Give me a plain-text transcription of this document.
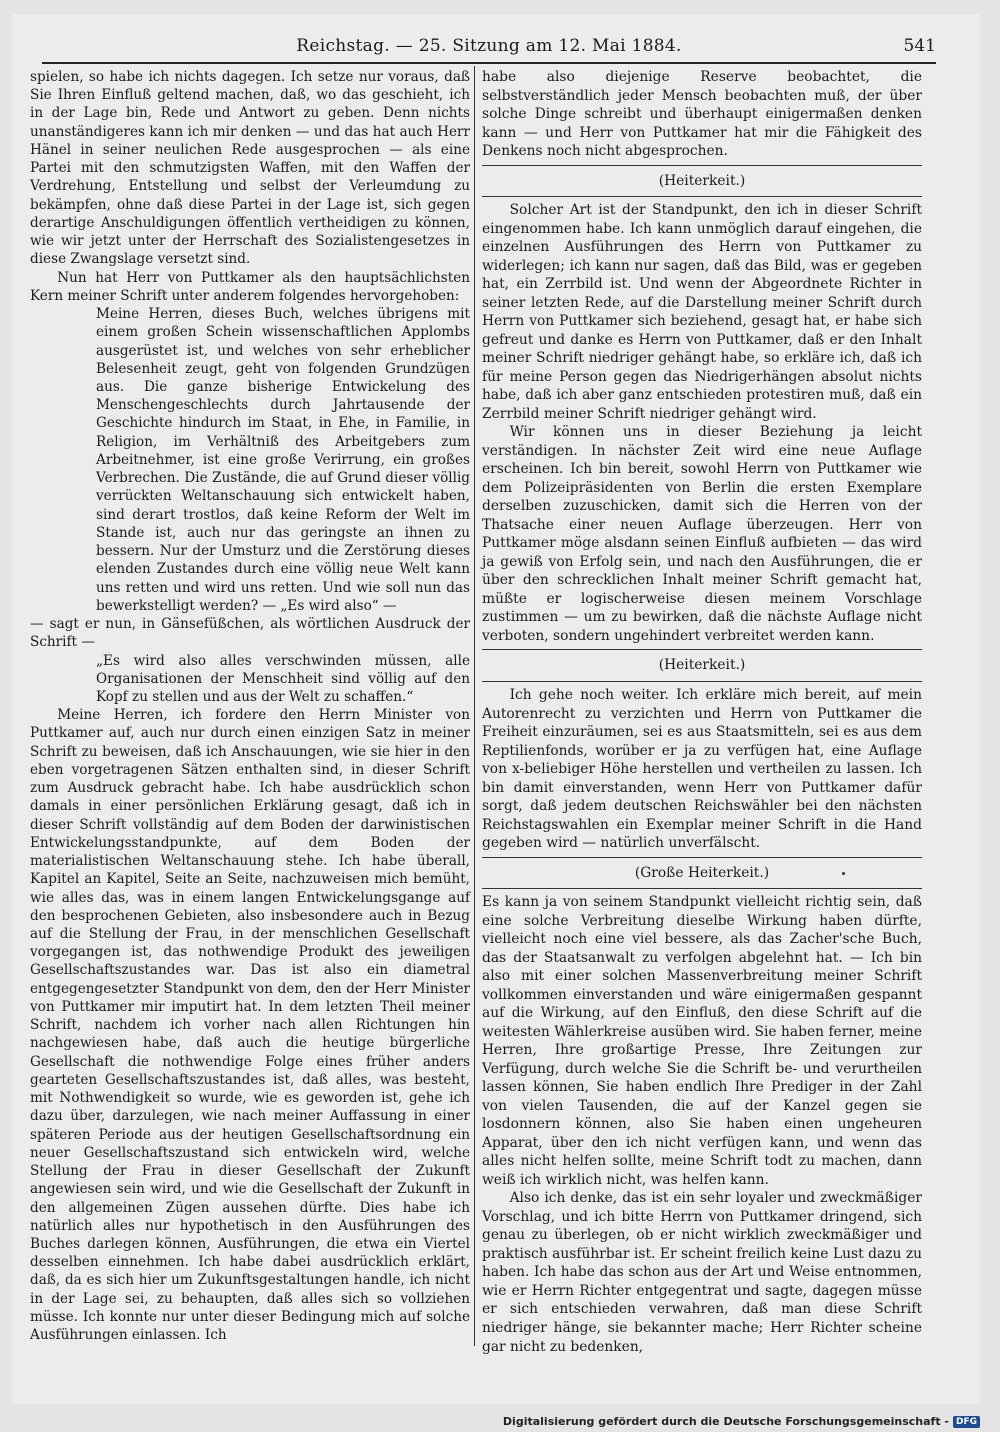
Reichstag. — 25. Sitzung am 12. Mai 1884.	541

spielen, so habe ich nichts dagegen. Ich setze nur voraus, daß Sie Ihren Einfluß geltend machen, daß, wo das geschieht, ich in der Lage bin, Rede und Antwort zu geben. Denn nichts unanständigeres kann ich mir denken — und das hat auch Herr Hänel in seiner neulichen Rede ausgesprochen — als eine Partei mit den schmutzigsten Waffen, mit den Waffen der Verdrehung, Entstellung und selbst der Verleumdung zu bekämpfen, ohne daß diese Partei in der Lage ist, sich gegen derartige Anschuldigungen öffentlich vertheidigen zu können, wie wir jetzt unter der Herrschaft des Sozialistengesetzes in diese Zwangslage versetzt sind.

Nun hat Herr von Puttkamer als den hauptsächlichsten Kern meiner Schrift unter anderem folgendes hervorgehoben:

Meine Herren, dieses Buch, welches übrigens mit einem großen Schein wissenschaftlichen Applombs ausgerüstet ist, und welches von sehr erheblicher Belesenheit zeugt, geht von folgenden Grundzügen aus. Die ganze bisherige Entwickelung des Menschengeschlechts durch Jahrtausende der Geschichte hindurch im Staat, in Ehe, in Familie, in Religion, im Verhältniß des Arbeitgebers zum Arbeitnehmer, ist eine große Verirrung, ein großes Verbrechen. Die Zustände, die auf Grund dieser völlig verrückten Weltanschauung sich entwickelt haben, sind derart trostlos, daß keine Reform der Welt im Stande ist, auch nur das geringste an ihnen zu bessern. Nur der Umsturz und die Zerstörung dieses elenden Zustandes durch eine völlig neue Welt kann uns retten und wird uns retten. Und wie soll nun das bewerkstelligt werden? — „Es wird also“ —

— sagt er nun, in Gänsefüßchen, als wörtlichen Ausdruck der Schrift —

„Es wird also alles verschwinden müssen, alle Organisationen der Menschheit sind völlig auf den Kopf zu stellen und aus der Welt zu schaffen.“

Meine Herren, ich fordere den Herrn Minister von Puttkamer auf, auch nur durch einen einzigen Satz in meiner Schrift zu beweisen, daß ich Anschauungen, wie sie hier in den eben vorgetragenen Sätzen enthalten sind, in dieser Schrift zum Ausdruck gebracht habe. Ich habe ausdrücklich schon damals in einer persönlichen Erklärung gesagt, daß ich in dieser Schrift vollständig auf dem Boden der darwinistischen Entwickelungsstandpunkte, auf dem Boden der materialistischen Weltanschauung stehe. Ich habe überall, Kapitel an Kapitel, Seite an Seite, nachzuweisen mich bemüht, wie alles das, was in einem langen Entwickelungsgange auf den besprochenen Gebieten, also insbesondere auch in Bezug auf die Stellung der Frau, in der menschlichen Gesellschaft vorgegangen ist, das nothwendige Produkt des jeweiligen Gesellschaftszustandes war. Das ist also ein diametral entgegengesetzter Standpunkt von dem, den der Herr Minister von Puttkamer mir imputirt hat. In dem letzten Theil meiner Schrift, nachdem ich vorher nach allen Richtungen hin nachgewiesen habe, daß auch die heutige bürgerliche Gesellschaft die nothwendige Folge eines früher anders gearteten Gesellschaftszustandes ist, daß alles, was besteht, mit Nothwendigkeit so wurde, wie es geworden ist, gehe ich dazu über, darzulegen, wie nach meiner Auffassung in einer späteren Periode aus der heutigen Gesellschaftsordnung ein neuer Gesellschaftszustand sich entwickeln wird, welche Stellung der Frau in dieser Gesellschaft der Zukunft angewiesen sein wird, und wie die Gesellschaft der Zukunft in den allgemeinen Zügen aussehen dürfte. Dies habe ich natürlich alles nur hypothetisch in den Ausführungen des Buches darlegen können, Ausführungen, die etwa ein Viertel desselben einnehmen. Ich habe dabei ausdrücklich erklärt, daß, da es sich hier um Zukunftsgestaltungen handle, ich nicht in der Lage sei, zu behaupten, daß alles sich so vollziehen müsse. Ich konnte nur unter dieser Bedingung mich auf solche Ausführungen einlassen. Ich

habe also diejenige Reserve beobachtet, die selbstverständlich jeder Mensch beobachten muß, der über solche Dinge schreibt und überhaupt einigermaßen denken kann — und Herr von Puttkamer hat mir die Fähigkeit des Denkens noch nicht abgesprochen.

(Heiterkeit.)

Solcher Art ist der Standpunkt, den ich in dieser Schrift eingenommen habe. Ich kann unmöglich darauf eingehen, die einzelnen Ausführungen des Herrn von Puttkamer zu widerlegen; ich kann nur sagen, daß das Bild, was er gegeben hat, ein Zerrbild ist. Und wenn der Abgeordnete Richter in seiner letzten Rede, auf die Darstellung meiner Schrift durch Herrn von Puttkamer sich beziehend, gesagt hat, er habe sich gefreut und danke es Herrn von Puttkamer, daß er den Inhalt meiner Schrift niedriger gehängt habe, so erkläre ich, daß ich für meine Person gegen das Niedrigerhängen absolut nichts habe, daß ich aber ganz entschieden protestiren muß, daß ein Zerrbild meiner Schrift niedriger gehängt wird.

Wir können uns in dieser Beziehung ja leicht verständigen. In nächster Zeit wird eine neue Auflage erscheinen. Ich bin bereit, sowohl Herrn von Puttkamer wie dem Polizeipräsidenten von Berlin die ersten Exemplare derselben zuzuschicken, damit sich die Herren von der Thatsache einer neuen Auflage überzeugen. Herr von Puttkamer möge alsdann seinen Einfluß aufbieten — das wird ja gewiß von Erfolg sein, und nach den Ausführungen, die er über den schrecklichen Inhalt meiner Schrift gemacht hat, müßte er logischerweise diesen meinem Vorschlage zustimmen — um zu bewirken, daß die nächste Auflage nicht verboten, sondern ungehindert verbreitet werden kann.

(Heiterkeit.)

Ich gehe noch weiter. Ich erkläre mich bereit, auf mein Autorenrecht zu verzichten und Herrn von Puttkamer die Freiheit einzuräumen, sei es aus Staatsmitteln, sei es aus dem Reptilienfonds, worüber er ja zu verfügen hat, eine Auflage von x-beliebiger Höhe herstellen und vertheilen zu lassen. Ich bin damit einverstanden, wenn Herr von Puttkamer dafür sorgt, daß jedem deutschen Reichswähler bei den nächsten Reichstagswahlen ein Exemplar meiner Schrift in die Hand gegeben wird — natürlich unverfälscht.

(Große Heiterkeit.)

Es kann ja von seinem Standpunkt vielleicht richtig sein, daß eine solche Verbreitung dieselbe Wirkung haben dürfte, vielleicht noch eine viel bessere, als das Zacher'sche Buch, das der Staatsanwalt zu verfolgen abgelehnt hat. — Ich bin also mit einer solchen Massenverbreitung meiner Schrift vollkommen einverstanden und wäre einigermaßen gespannt auf die Wirkung, auf den Einfluß, den diese Schrift auf die weitesten Wählerkreise ausüben wird. Sie haben ferner, meine Herren, Ihre großartige Presse, Ihre Zeitungen zur Verfügung, durch welche Sie die Schrift be- und verurtheilen lassen können, Sie haben endlich Ihre Prediger in der Zahl von vielen Tausenden, die auf der Kanzel gegen sie losdonnern können, also Sie haben einen ungeheuren Apparat, über den ich nicht verfügen kann, und wenn das alles nicht helfen sollte, meine Schrift todt zu machen, dann weiß ich wirklich nicht, was helfen kann.

Also ich denke, das ist ein sehr loyaler und zweckmäßiger Vorschlag, und ich bitte Herrn von Puttkamer dringend, sich genau zu überlegen, ob er nicht wirklich zweckmäßiger und praktisch ausführbar ist. Er scheint freilich keine Lust dazu zu haben. Ich habe das schon aus der Art und Weise entnommen, wie er Herrn Richter entgegentrat und sagte, dagegen müsse er sich entschieden verwahren, daß man diese Schrift niedriger hänge, sie bekannter mache; Herr Richter scheine gar nicht zu bedenken,

Digitalisierung gefördert durch die Deutsche Forschungsgemeinschaft - DFG
